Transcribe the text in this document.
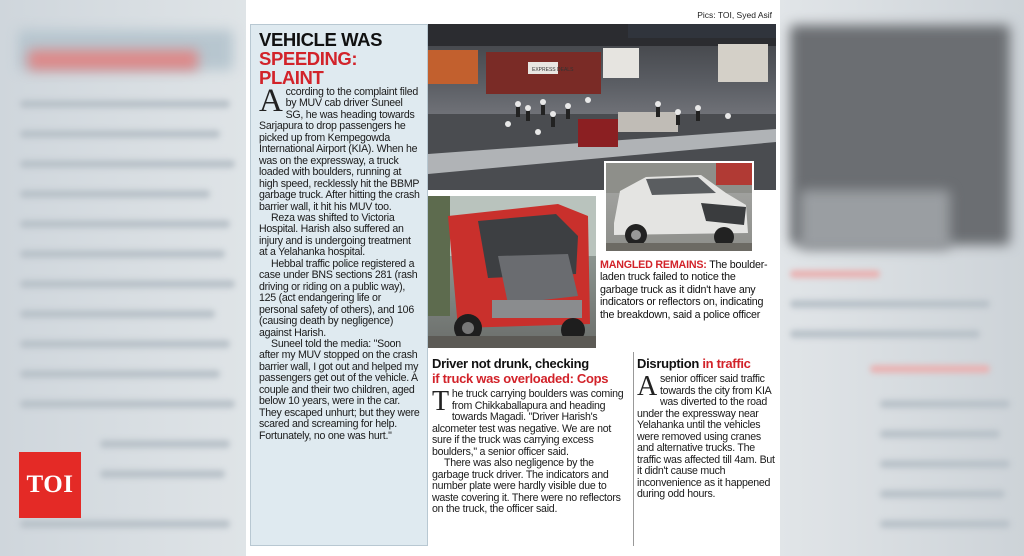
TOI
Pics: TOI, Syed Asif
VEHICLE WAS
SPEEDING: PLAINT

According to the complaint filed by MUV cab driver Suneel SG, he was heading towards Sarjapura to drop passengers he picked up from Kempegowda International Airport (KIA). When he was on the expressway, a truck loaded with boulders, running at high speed, recklessly hit the BBMP garbage truck. After hitting the crash barrier wall, it hit his MUV too.

Reza was shifted to Victoria Hospital. Harish also suffered an injury and is undergoing treatment at a Yelahanka hospital.

Hebbal traffic police registered a case under BNS sections 281 (rash driving or riding on a public way), 125 (act endangering life or personal safety of others), and 106 (causing death by negligence) against Harish.

Suneel told the media: "Soon after my MUV stopped on the crash barrier wall, I got out and helped my passengers get out of the vehicle. A couple and their two children, aged below 10 years, were in the car. They escaped unhurt; but they were scared and screaming for help. Fortunately, no one was hurt."

EXPRESS DEALS
MANGLED REMAINS: The boulder-laden truck failed to notice the garbage truck as it didn't have any indicators or reflectors on, indicating the breakdown, said a police officer
Driver not drunk, checking
if truck was overloaded: Cops

The truck carrying boulders was coming from Chikkaballapura and heading towards Magadi. "Driver Harish's alcometer test was negative. We are not sure if the truck was carrying excess boulders," a senior officer said.

There was also negligence by the garbage truck driver. The indicators and number plate were hardly visible due to waste covering it. There were no reflectors on the truck, the officer said.

Disruption in traffic

A senior officer said traffic towards the city from KIA was diverted to the road under the expressway near Yelahanka until the vehicles were removed using cranes and alternative trucks. The traffic was affected till 4am. But it didn't cause much inconvenience as it happened during odd hours.
